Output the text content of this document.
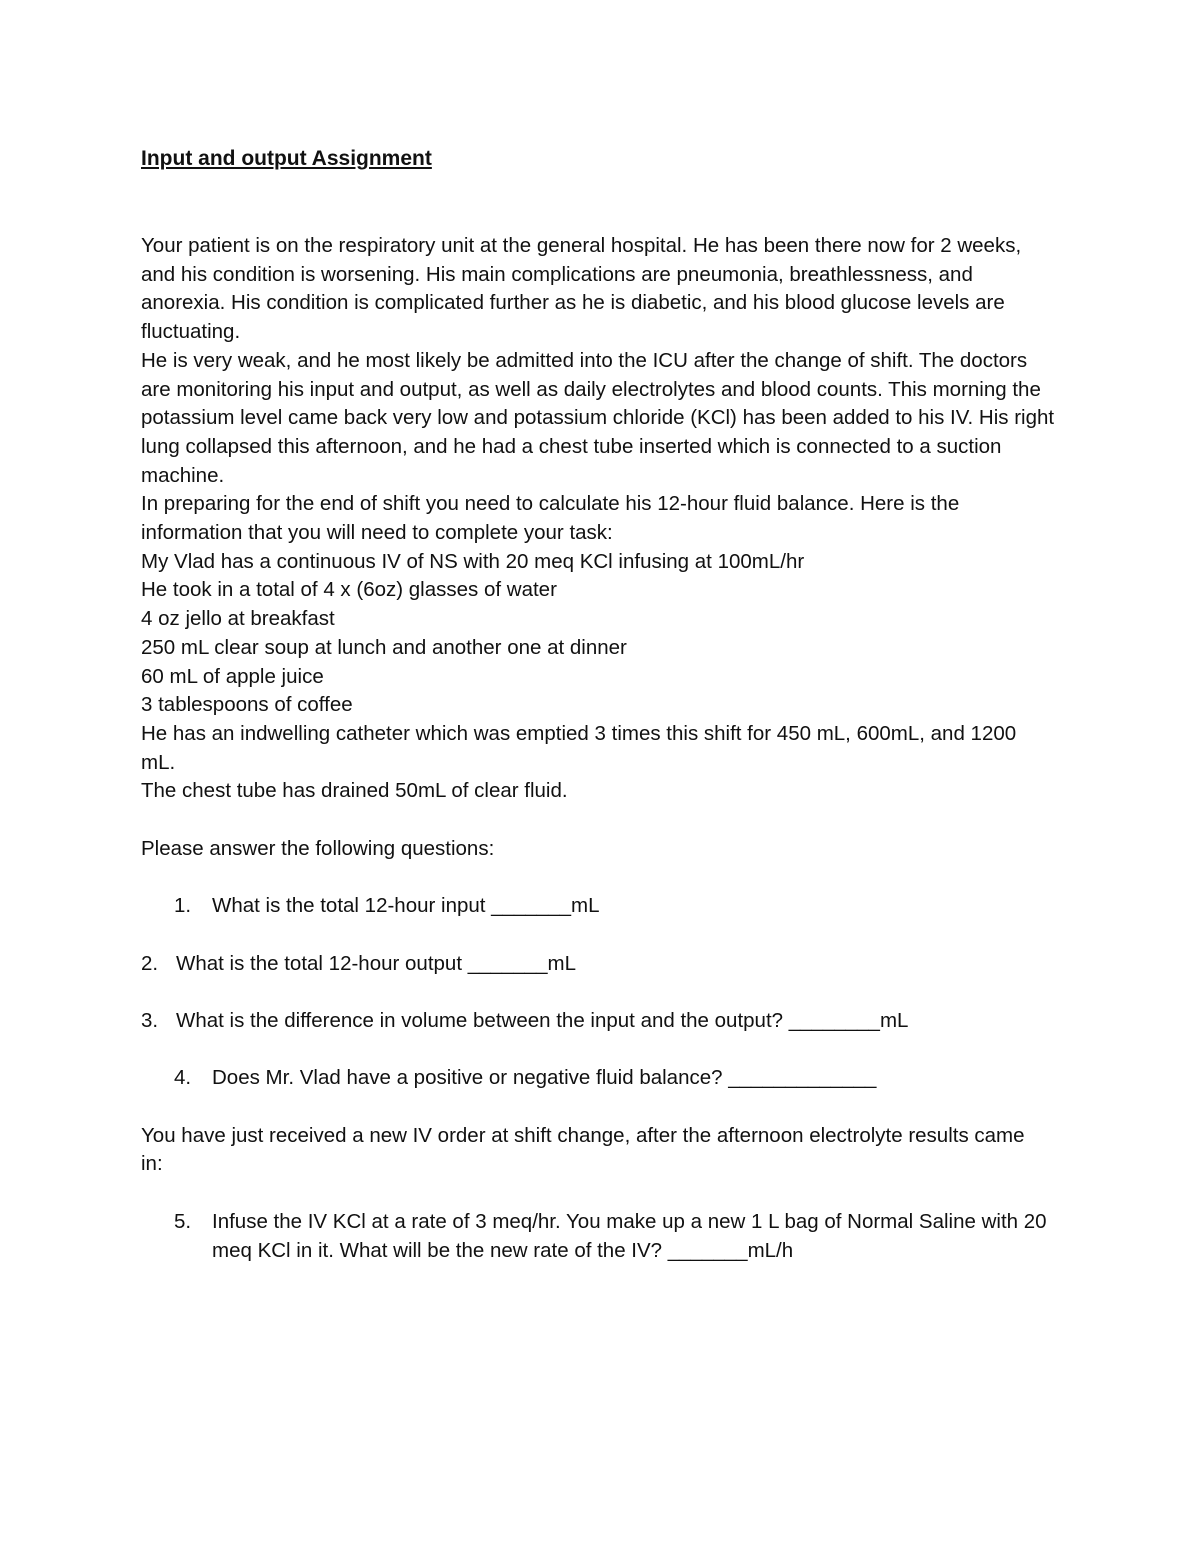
Input and output Assignment

Your patient is on the respiratory unit at the general hospital. He has been there now for 2 weeks, and his condition is worsening. His main complications are pneumonia, breathlessness, and anorexia. His condition is complicated further as he is diabetic, and his blood glucose levels are fluctuating.

He is very weak, and he most likely be admitted into the ICU after the change of shift. The doctors are monitoring his input and output, as well as daily electrolytes and blood counts. This morning the potassium level came back very low and potassium chloride (KCl) has been added to his IV. His right lung collapsed this afternoon, and he had a chest tube inserted which is connected to a suction machine.

In preparing for the end of shift you need to calculate his 12-hour fluid balance. Here is the information that you will need to complete your task:

My Vlad has a continuous IV of NS with 20 meq KCl infusing at 100mL/hr

He took in a total of 4 x (6oz) glasses of water

4 oz jello at breakfast

250 mL clear soup at lunch and another one at dinner

60 mL of apple juice

3 tablespoons of coffee

He has an indwelling catheter which was emptied 3 times this shift for 450 mL, 600mL, and 1200 mL.

The chest tube has drained 50mL of clear fluid.

Please answer the following questions:

1. What is the total 12-hour input _______mL
2. What is the total 12-hour output _______mL
3. What is the difference in volume between the input and the output? ________mL
4. Does Mr. Vlad have a positive or negative fluid balance? _____________

You have just received a new IV order at shift change, after the afternoon electrolyte results came in:

5. Infuse the IV KCl at a rate of 3 meq/hr. You make up a new 1 L bag of Normal Saline with 20 meq KCl in it. What will be the new rate of the IV? _______mL/h
